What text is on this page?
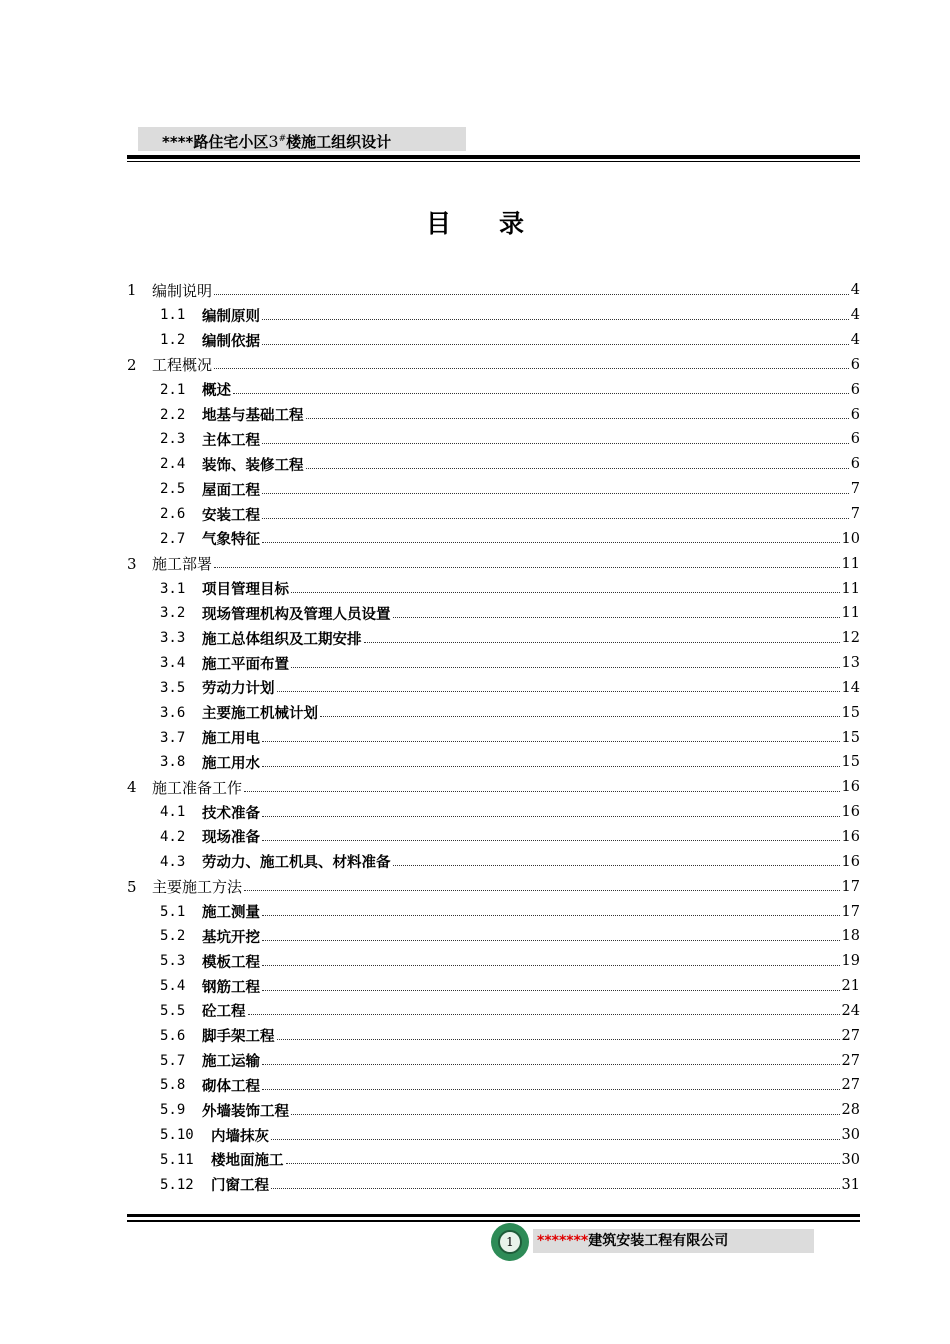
****路住宅小区3#楼施工组织设计
目录
1	编制说明	4
1.1	编制原则	4
1.2	编制依据	4
2	工程概况	6
2.1	概述	6
2.2	地基与基础工程	6
2.3	主体工程	6
2.4	装饰、装修工程	6
2.5	屋面工程	7
2.6	安装工程	7
2.7	气象特征	10
3	施工部署	11
3.1	项目管理目标	11
3.2	现场管理机构及管理人员设置	11
3.3	施工总体组织及工期安排	12
3.4	施工平面布置	13
3.5	劳动力计划	14
3.6	主要施工机械计划	15
3.7	施工用电	15
3.8	施工用水	15
4	施工准备工作	16
4.1	技术准备	16
4.2	现场准备	16
4.3	劳动力、施工机具、材料准备	16
5	主要施工方法	17
5.1	施工测量	17
5.2	基坑开挖	18
5.3	模板工程	19
5.4	钢筋工程	21
5.5	砼工程	24
5.6	脚手架工程	27
5.7	施工运输	27
5.8	砌体工程	27
5.9	外墙装饰工程	28
5.10	内墙抹灰	30
5.11	楼地面施工	30
5.12	门窗工程	31
1	*******建筑安装工程有限公司
